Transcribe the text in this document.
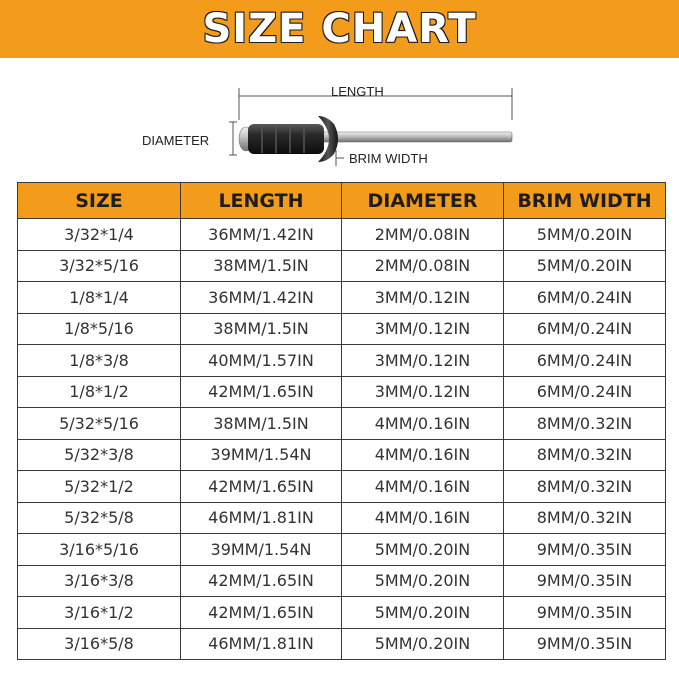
SIZE CHART
LENGTH
DIAMETER
BRIM WIDTH
SIZE	LENGTH	DIAMETER	BRIM WIDTH
3/32*1/4	36MM/1.42IN	2MM/0.08IN	5MM/0.20IN
3/32*5/16	38MM/1.5IN	2MM/0.08IN	5MM/0.20IN
1/8*1/4	36MM/1.42IN	3MM/0.12IN	6MM/0.24IN
1/8*5/16	38MM/1.5IN	3MM/0.12IN	6MM/0.24IN
1/8*3/8	40MM/1.57IN	3MM/0.12IN	6MM/0.24IN
1/8*1/2	42MM/1.65IN	3MM/0.12IN	6MM/0.24IN
5/32*5/16	38MM/1.5IN	4MM/0.16IN	8MM/0.32IN
5/32*3/8	39MM/1.54N	4MM/0.16IN	8MM/0.32IN
5/32*1/2	42MM/1.65IN	4MM/0.16IN	8MM/0.32IN
5/32*5/8	46MM/1.81IN	4MM/0.16IN	8MM/0.32IN
3/16*5/16	39MM/1.54N	5MM/0.20IN	9MM/0.35IN
3/16*3/8	42MM/1.65IN	5MM/0.20IN	9MM/0.35IN
3/16*1/2	42MM/1.65IN	5MM/0.20IN	9MM/0.35IN
3/16*5/8	46MM/1.81IN	5MM/0.20IN	9MM/0.35IN
